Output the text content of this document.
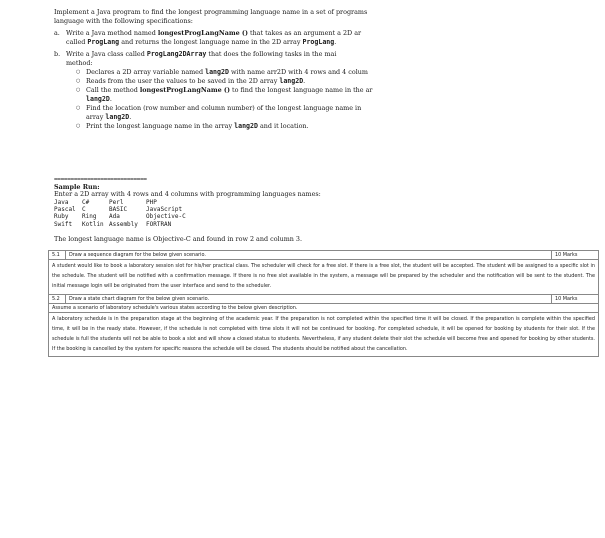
Implement a Java program to find the longest programming language name in a set of programs

language with the following specifications:

a. Write a Java method named longestProgLangName () that takes as an argument a 2D ar

called ProgLang and returns the longest language name in the 2D array ProgLang.

b. Write a Java class called ProgLang2DArray that does the following tasks in the mai

method:

○ Declares a 2D array variable named lang2D with name arr2D with 4 rows and 4 colum
○ Reads from the user the values to be saved in the 2D array lang2D.
○ Call the method longestProgLangName () to find the longest language name in the ar
lang2D.
○ Find the location (row number and column number) of the longest language name in
array lang2D.
○ Print the longest language name in the array lang2D and it location.

============================

Sample Run:

Enter a 2D array with 4 rows and 4 columns with programming languages names:

Java C#	Perl	PHP
Pascal C	BASIC	JavaScript
Ruby Ring Ada	Objective-C
Swift Kotlin Assembly FORTRAN

The longest language name is Objective-C and found in row 2 and column 3.

5.1	Draw a sequence diagram for the below given scenario.	10 Marks
A student would like to book a laboratory session slot for his/her practical class. The scheduler will check for a free slot. If there is a free slot, the student will be accepted. The student will be assigned to a specific slot in the schedule. The student will be notified with a confirmation message. If there is no free slot available in the system, a message will be prepared by the scheduler and the notification will be sent to the student. The initial message login will be originated from the user interface and send to the scheduler.		
5.2	Draw a state chart diagram for the below given scenario.	10 Marks
Assume a scenario of laboratory schedule's various states according to the below given description.		
A laboratory schedule is in the preparation stage at the beginning of the academic year. If the preparation is not completed within the specified time it will be closed. If the preparation is complete within the specified time, it will be in the ready state. However, if the schedule is not completed with time slots it will not be continued for booking. For completed schedule, it will be opened for booking by students for their slot. If the schedule is full the students will not be able to book a slot and will show a closed status to students. Nevertheless, if any student delete their slot the schedule will become free and opened for booking by other students. If the booking is cancelled by the system for specific reasons the schedule will be closed. The students should be notified about the cancellation.		
